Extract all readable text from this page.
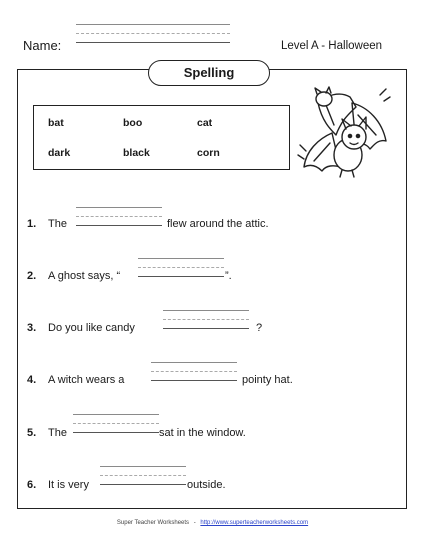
Name:	Level A - Halloween
Spelling
bat	boo	cat
dark	black	corn
1. The	flew around the attic.
2. A ghost says, “	”.
3. Do you like candy	?
4. A witch wears a	pointy hat.
5. The	sat in the window.
6. It is very	outside.
Super Teacher Worksheets - http://www.superteacherworksheets.com
